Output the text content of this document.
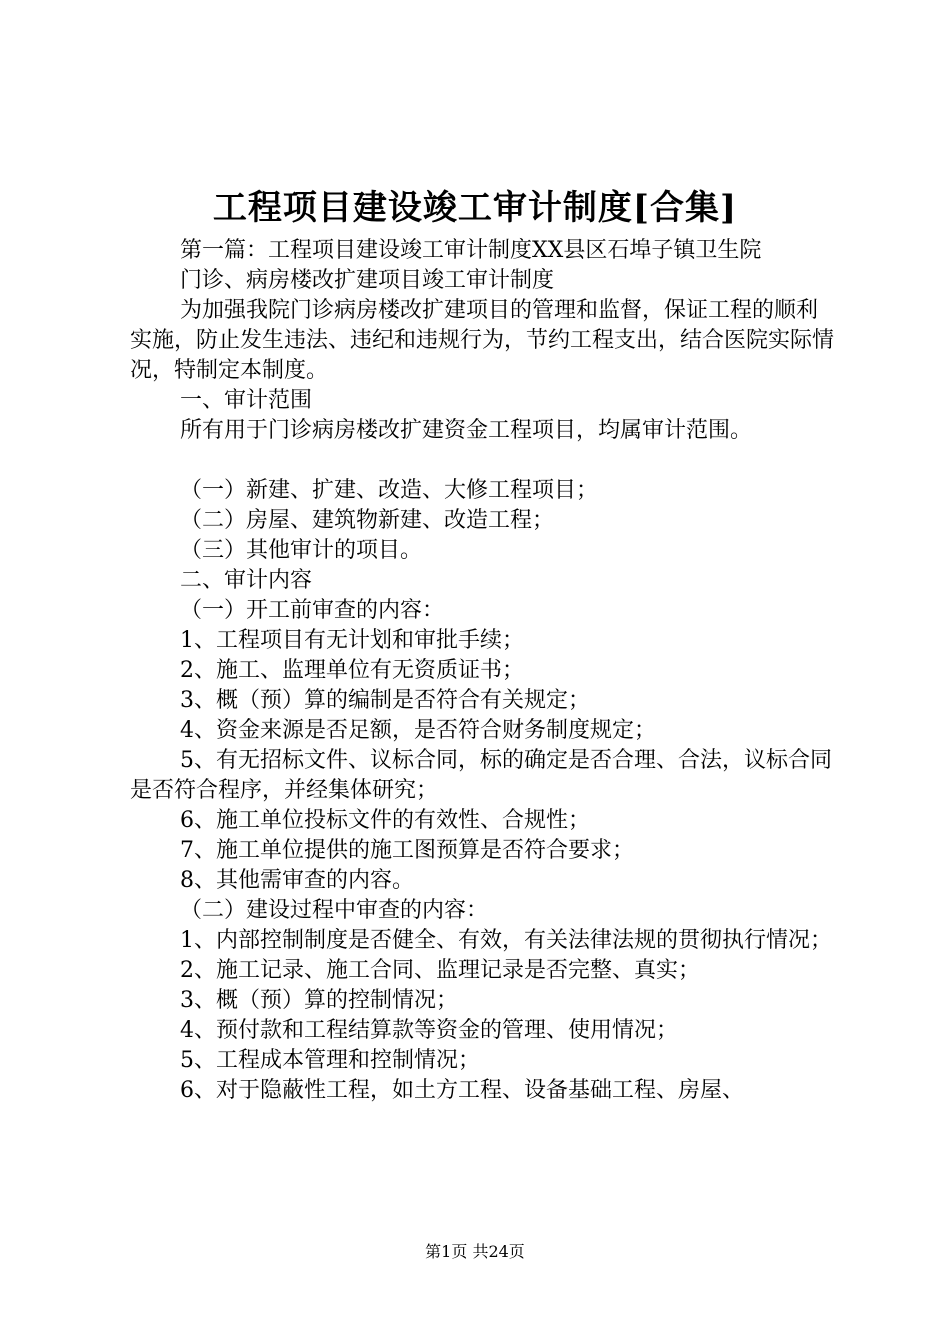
工程项目建设竣工审计制度[合集]

第一篇：工程项目建设竣工审计制度XX县区石埠子镇卫生院

门诊、病房楼改扩建项目竣工审计制度

为加强我院门诊病房楼改扩建项目的管理和监督，保证工程的顺利实施，防止发生违法、违纪和违规行为，节约工程支出，结合医院实际情况，特制定本制度。

一、审计范围

所有用于门诊病房楼改扩建资金工程项目，均属审计范围。

（一）新建、扩建、改造、大修工程项目；

（二）房屋、建筑物新建、改造工程；

（三）其他审计的项目。

二、审计内容

（一）开工前审查的内容：

1、工程项目有无计划和审批手续；

2、施工、监理单位有无资质证书；

3、概（预）算的编制是否符合有关规定；

4、资金来源是否足额，是否符合财务制度规定；

5、有无招标文件、议标合同，标的确定是否合理、合法，议标合同是否符合程序，并经集体研究；

6、施工单位投标文件的有效性、合规性；

7、施工单位提供的施工图预算是否符合要求；

8、其他需审查的内容。

（二）建设过程中审查的内容：

1、内部控制制度是否健全、有效，有关法律法规的贯彻执行情况；

2、施工记录、施工合同、监理记录是否完整、真实；

3、概（预）算的控制情况；

4、预付款和工程结算款等资金的管理、使用情况；

5、工程成本管理和控制情况；

6、对于隐蔽性工程，如土方工程、设备基础工程、房屋、

第1页 共24页
